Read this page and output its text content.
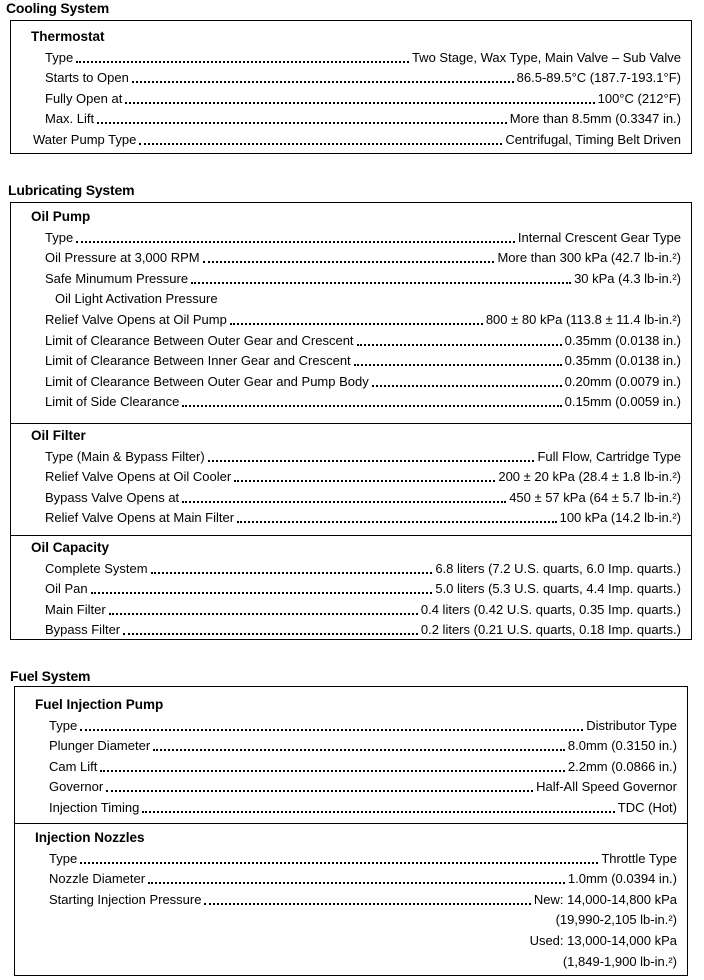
Cooling System
Thermostat
Type	Two Stage, Wax Type, Main Valve – Sub Valve
Starts to Open	86.5-89.5°C (187.7-193.1°F)
Fully Open at	100°C (212°F)
Max. Lift	More than 8.5mm (0.3347 in.)
Water Pump Type	Centrifugal, Timing Belt Driven
Lubricating System
Oil Pump
Type	Internal Crescent Gear Type
Oil Pressure at 3,000 RPM	More than 300 kPa (42.7 lb-in.²)
Safe Minumum Pressure	30 kPa (4.3 lb-in.²)
Oil Light Activation Pressure
Relief Valve Opens at Oil Pump	800 ± 80 kPa (113.8 ± 11.4 lb-in.²)
Limit of Clearance Between Outer Gear and Crescent	0.35mm (0.0138 in.)
Limit of Clearance Between Inner Gear and Crescent	0.35mm (0.0138 in.)
Limit of Clearance Between Outer Gear and Pump Body	0.20mm (0.0079 in.)
Limit of Side Clearance	0.15mm (0.0059 in.)
Oil Filter
Type (Main & Bypass Filter)	Full Flow, Cartridge Type
Relief Valve Opens at Oil Cooler	200 ± 20 kPa (28.4 ± 1.8 lb-in.²)
Bypass Valve Opens at	450 ± 57 kPa (64 ± 5.7 lb-in.²)
Relief Valve Opens at Main Filter	100 kPa (14.2 lb-in.²)
Oil Capacity
Complete System	6.8 liters (7.2 U.S. quarts, 6.0 Imp. quarts.)
Oil Pan	5.0 liters (5.3 U.S. quarts, 4.4 Imp. quarts.)
Main Filter	0.4 liters (0.42 U.S. quarts, 0.35 Imp. quarts.)
Bypass Filter	0.2 liters (0.21 U.S. quarts, 0.18 Imp. quarts.)
Fuel System
Fuel Injection Pump
Type	Distributor Type
Plunger Diameter	8.0mm (0.3150 in.)
Cam Lift	2.2mm (0.0866 in.)
Governor	Half-All Speed Governor
Injection Timing	TDC (Hot)
Injection Nozzles
Type	Throttle Type
Nozzle Diameter	1.0mm (0.0394 in.)
Starting Injection Pressure	New: 14,000-14,800 kPa
(19,990-2,105 lb-in.²)
Used: 13,000-14,000 kPa
(1,849-1,900 lb-in.²)
